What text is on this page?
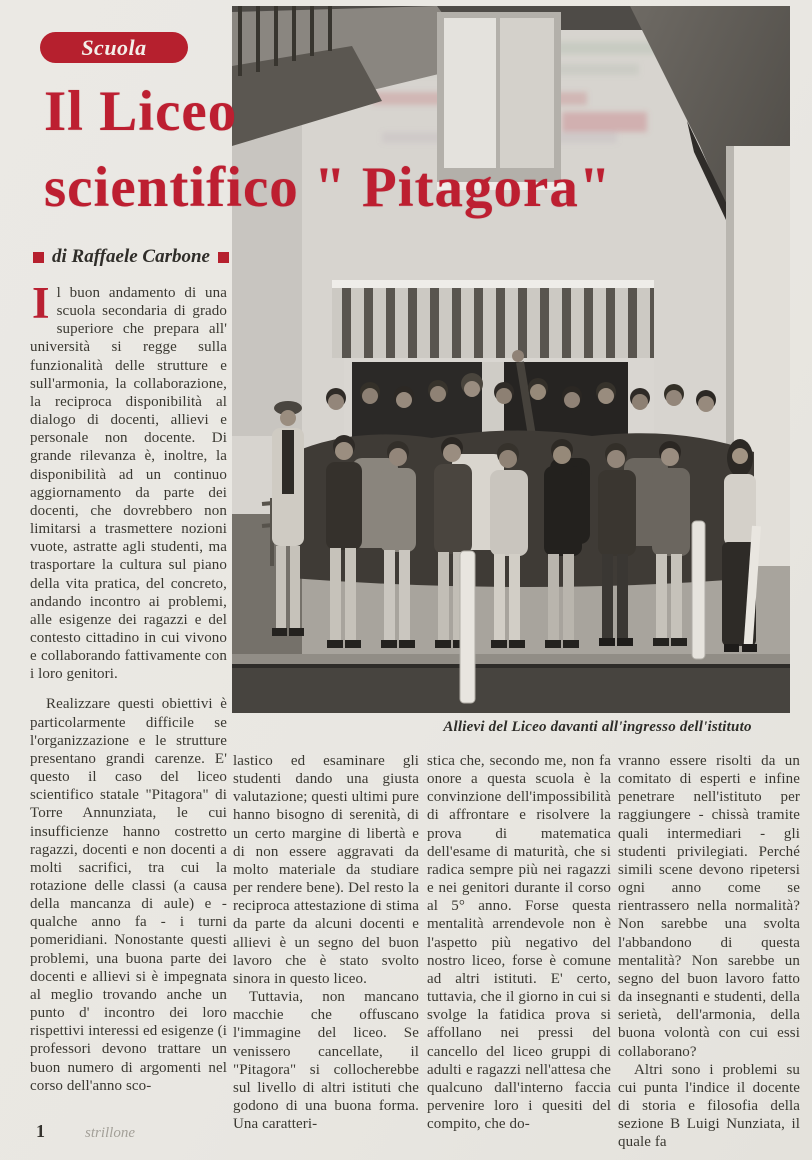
Scuola
Il Liceo
scientifico " Pitagora"
di Raffaele Carbone

Il buon andamento di una scuola secondaria di grado superiore che prepara all' università si regge sulla funzionalità delle strutture e sull'armonia, la collaborazione, la reciproca disponibilità al dialogo di docenti, allievi e personale non docente. Di grande rilevanza è, inoltre, la disponibilità ad un continuo aggiornamento da parte dei docenti, che dovrebbero non limitarsi a trasmettere nozioni vuote, astratte agli studenti, ma trasportare la cultura sul piano della vita pratica, del concreto, andando incontro ai problemi, alle esigenze dei ragazzi e del contesto cittadino in cui vivono e collaborando fattivamente con i loro genitori.

Realizzare questi obiettivi è particolarmente difficile se l'organizzazione e le strutture presentano grandi carenze. E' questo il caso del liceo scientifico statale "Pitagora" di Torre Annunziata, le cui insufficienze hanno costretto ragazzi, docenti e non docenti a molti sacrifici, tra cui la rotazione delle classi (a causa della mancanza di aule) e - qualche anno fa - i turni pomeridiani. Nonostante questi problemi, una buona parte dei docenti e allievi si è impegnata al meglio trovando anche un punto d' incontro dei loro rispettivi interessi ed esigenze (i professori devono trattare un buon numero di argomenti nel corso dell'anno sco-

Allievi del Liceo davanti all'ingresso dell'istituto

lastico ed esaminare gli studenti dando una giusta valutazione; questi ultimi pure hanno bisogno di serenità, di un certo margine di libertà e di non essere aggravati da molto materiale da studiare per rendere bene). Del resto la reciproca attestazione di stima da parte da alcuni docenti e allievi è un segno del buon lavoro che è stato svolto sinora in questo liceo.

Tuttavia, non mancano macchie che offuscano l'immagine del liceo. Se venissero cancellate, il "Pitagora" si collocherebbe sul livello di altri istituti che godono di una buona forma. Una caratteri-

stica che, secondo me, non fa onore a questa scuola è la convinzione dell'impossibilità di affrontare e risolvere la prova di matematica dell'esame di maturità, che si radica sempre più nei ragazzi e nei genitori durante il corso al 5° anno. Forse questa mentalità arrendevole non è l'aspetto più negativo del nostro liceo, forse è comune ad altri istituti. E' certo, tuttavia, che il giorno in cui si svolge la fatidica prova si affollano nei pressi del cancello del liceo gruppi di adulti e ragazzi nell'attesa che qualcuno dall'interno faccia pervenire loro i quesiti del compito, che do-

vranno essere risolti da un comitato di esperti e infine penetrare nell'istituto per raggiungere - chissà tramite quali intermediari - gli studenti privilegiati. Perché simili scene devono ripetersi ogni anno come se rientrassero nella normalità? Non sarebbe una svolta l'abbandono di questa mentalità? Non sarebbe un segno del buon lavoro fatto da insegnanti e studenti, della serietà, dell'armonia, della buona volontà con cui essi collaborano?

Altri sono i problemi su cui punta l'indice il docente di storia e filosofia della sezione B Luigi Nunziata, il quale fa

1	strillone
